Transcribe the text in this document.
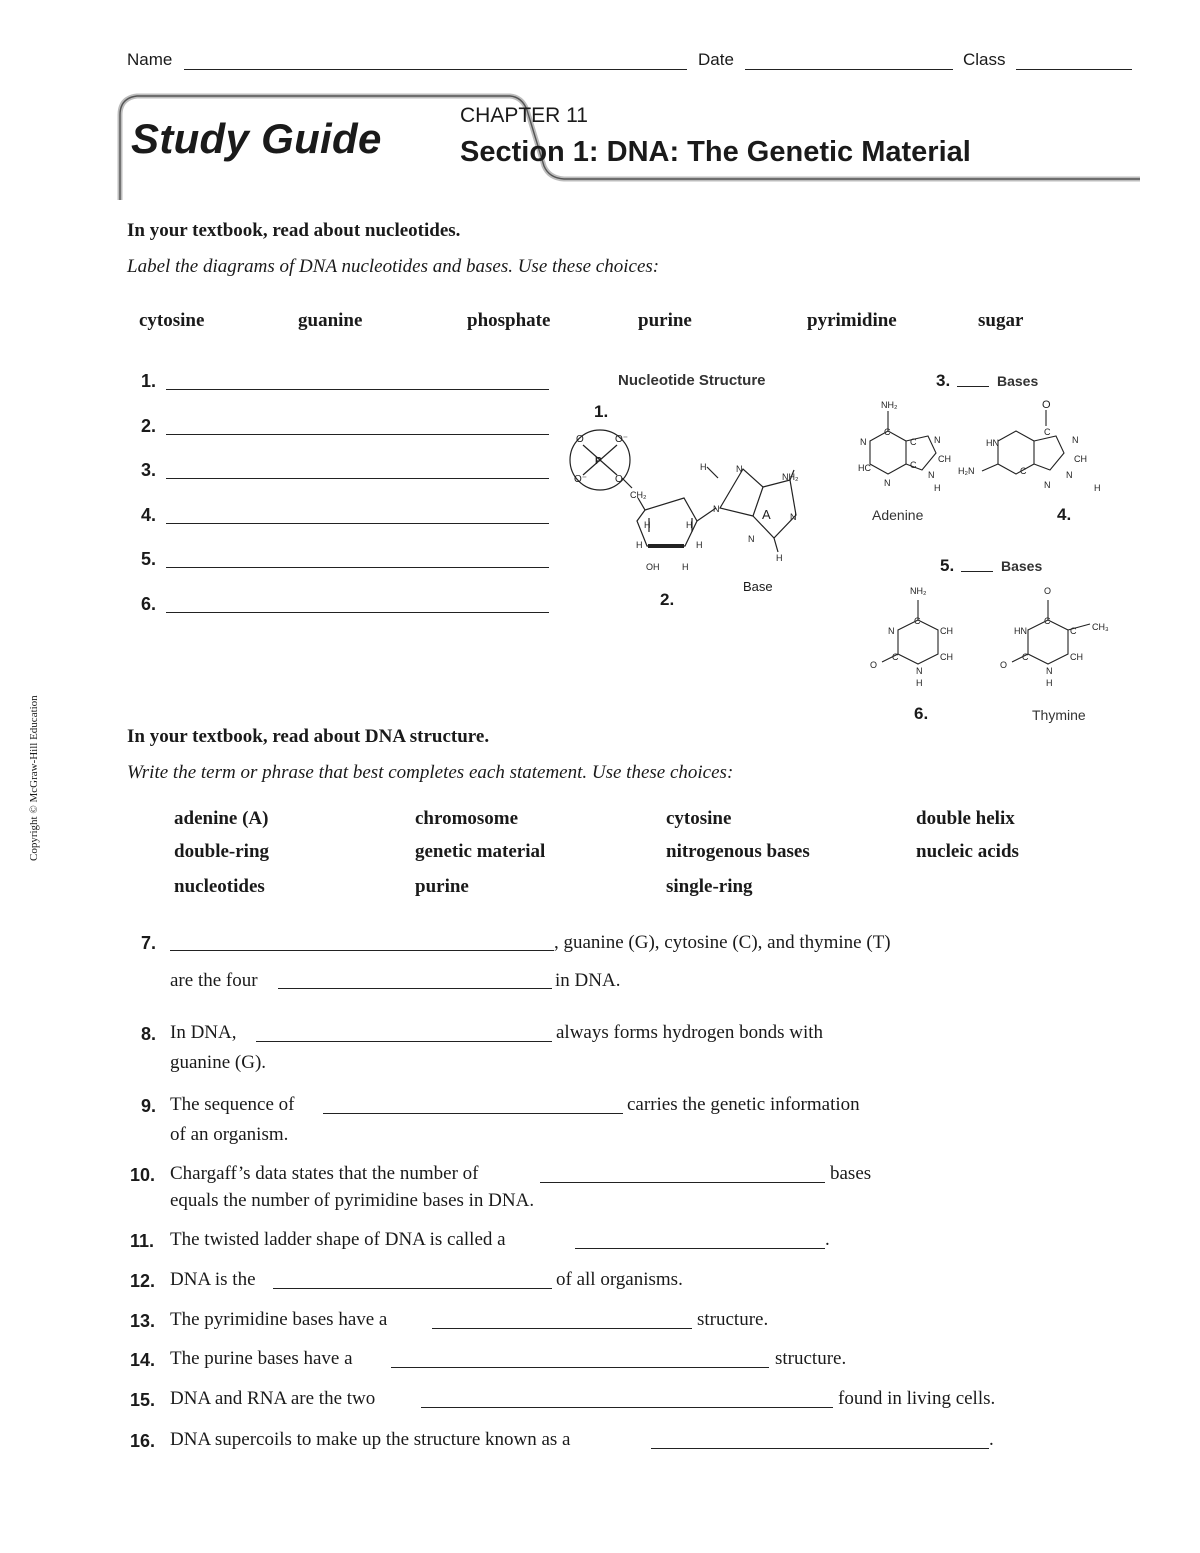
Name	Date	Class
Study Guide	CHAPTER 11
Section 1: DNA: The Genetic Material
Copyright © McGraw-Hill Education
In your textbook, read about nucleotides.
Label the diagrams of DNA nucleotides and bases. Use these choices:
cytosine	guanine	phosphate	purine	pyrimidine	sugar
1.
2.
3.
4.
5.
6.
Nucleotide Structure
1.
2.
Base
3.	Bases
Adenine	4.
5.	Bases
6.	Thymine
P
O⁻
O
O⁻	O
CH₂
H	H
H	H
OH	H
H	N
N
NH₂
N
N
H
A
NH₂
C
N
HC
N
C
C
N
CH
N
H
O
C
HN
H₂N	C
N
N
CH
N
H
NH₂
C
N	CH
CH
C
O
N
H
O
C
HN	C CH₃
CH
C
O
N
H
In your textbook, read about DNA structure.
Write the term or phrase that best completes each statement. Use these choices:
adenine (A)	chromosome	cytosine	double helix
double-ring	genetic material	nitrogenous bases	nucleic acids
nucleotides	purine	single-ring
7.	, guanine (G), cytosine (C), and thymine (T)
are the four	in DNA.
8. In DNA,	always forms hydrogen bonds with
guanine (G).
9. The sequence of	carries the genetic information
of an organism.
10. Chargaff’s data states that the number of	bases
equals the number of pyrimidine bases in DNA.
11. The twisted ladder shape of DNA is called a	.
12. DNA is the	of all organisms.
13. The pyrimidine bases have a	structure.
14. The purine bases have a	structure.
15. DNA and RNA are the two	found in living cells.
16. DNA supercoils to make up the structure known as a	.
